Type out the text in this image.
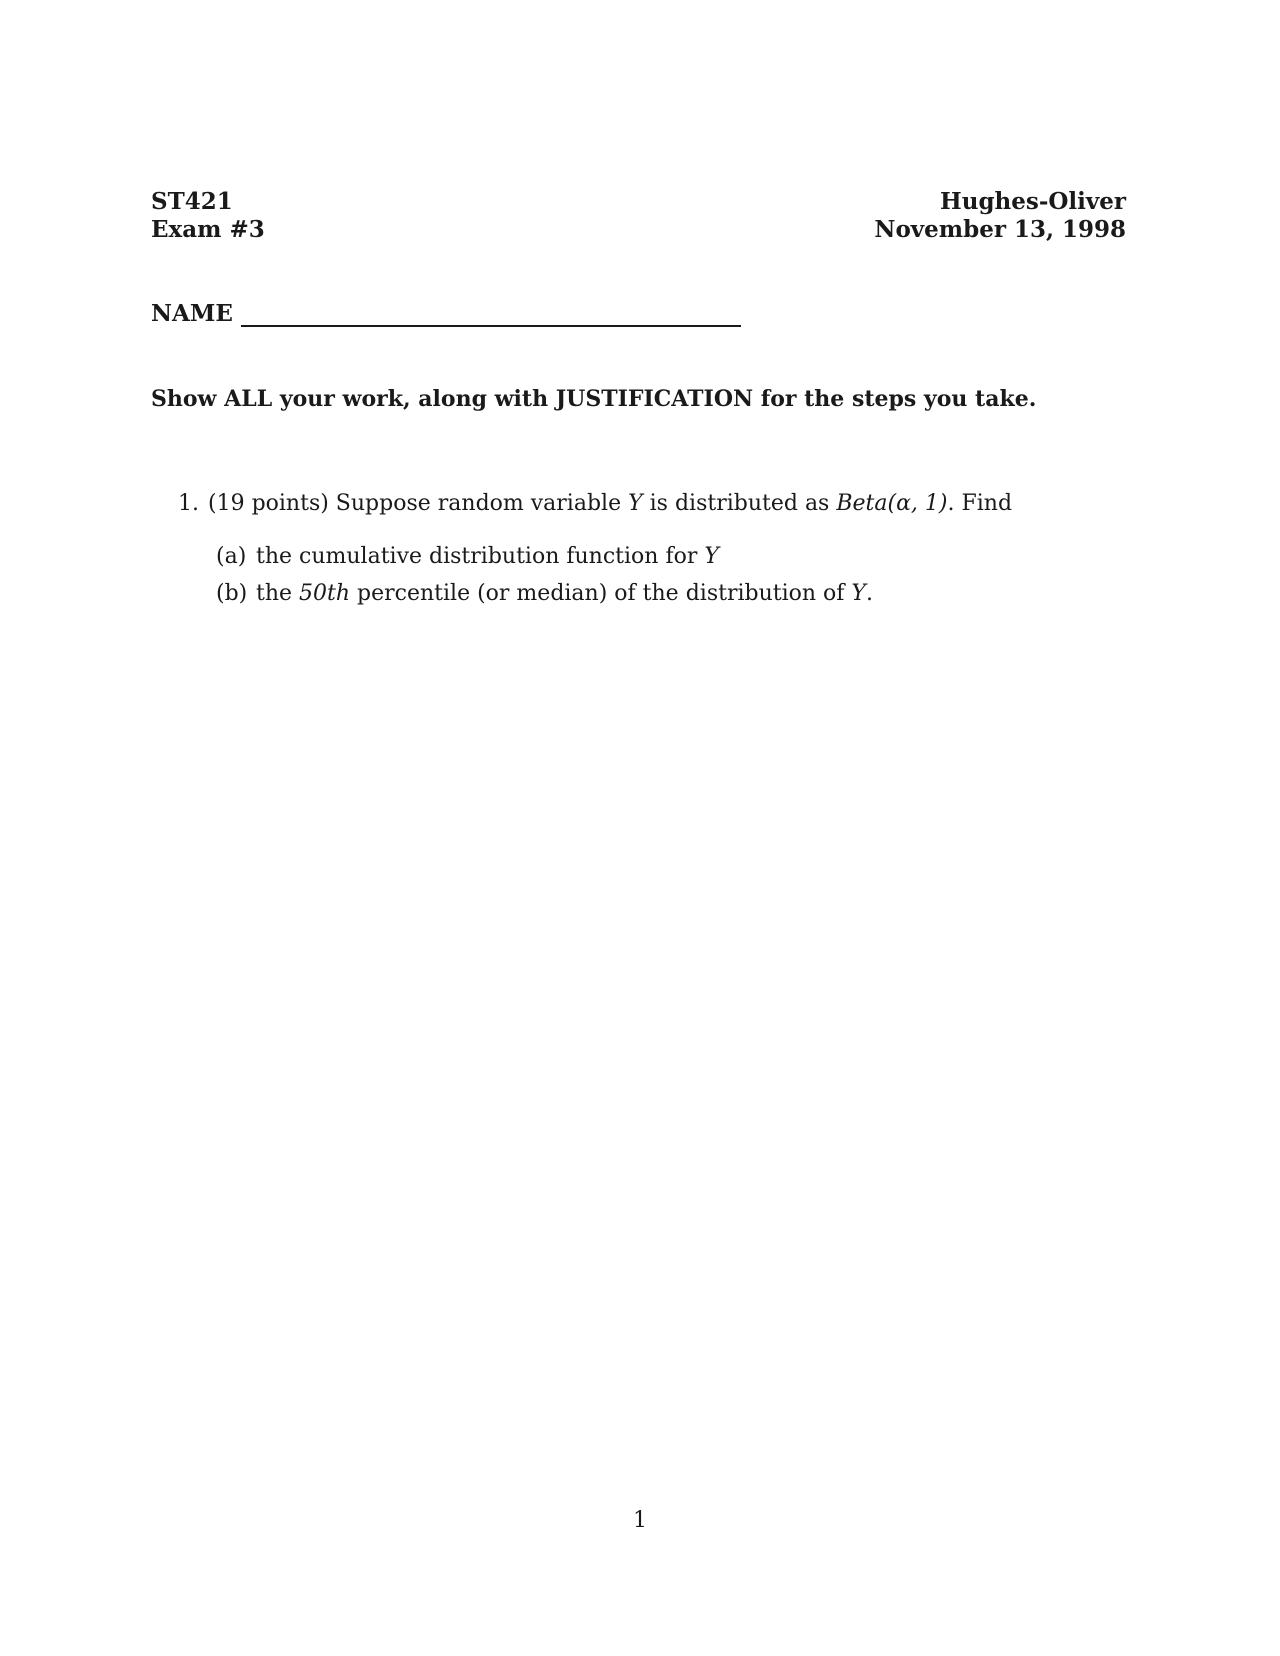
ST421
Exam #3
Hughes-Oliver
November 13, 1998
NAME
Show ALL your work, along with JUSTIFICATION for the steps you take.
1. (19 points) Suppose random variable Y is distributed as Beta(α, 1). Find
(a) the cumulative distribution function for Y
(b) the 50th percentile (or median) of the distribution of Y.
1
